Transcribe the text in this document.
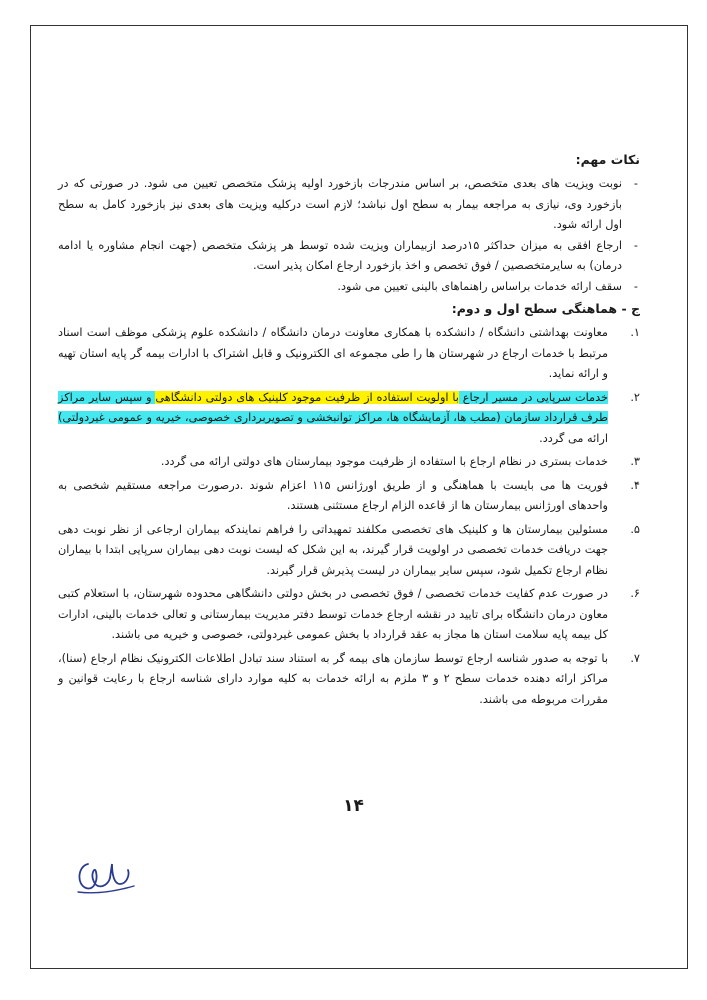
نکات مهم:
- نوبت ویزیت های بعدی متخصص، بر اساس مندرجات بازخورد اولیه پزشک متخصص تعیین می شود. در صورتی که در بازخورد وی، نیازی به مراجعه بیمار به سطح اول نباشد؛ لازم است درکلیه ویزیت های بعدی نیز بازخورد کامل به سطح اول ارائه شود.
- ارجاع افقی به میزان حداکثر ۱۵درصد ازبیماران ویزیت شده توسط هر پزشک متخصص (جهت انجام مشاوره یا ادامه درمان) به سایرمتخصصین / فوق تخصص و اخذ بازخورد ارجاع امکان پذیر است.
- سقف ارائه خدمات براساس راهنماهای بالینی تعیین می شود.
ج - هماهنگی سطح اول و دوم:
۱.
معاونت بهداشتی دانشگاه / دانشکده با همکاری معاونت درمان دانشگاه / دانشکده علوم پزشکی موظف است اسناد مرتبط با خدمات ارجاع در شهرستان ها را طی مجموعه ای الکترونیک و قابل اشتراک با ادارات بیمه گر پایه استان تهیه و ارائه نماید.
۲.
خدمات سرپایی در مسیر ارجاع با اولویت استفاده از ظرفیت موجود کلینیک های دولتی دانشگاهی و سپس سایر مراکز طرف قرارداد سازمان (مطب ها، آزمایشگاه ها، مراکز توانبخشی و تصویربرداری خصوصی، خیریه و عمومی غیردولتی) ارائه می گردد.
۳.
خدمات بستری در نظام ارجاع با استفاده از ظرفیت موجود بیمارستان های دولتی ارائه می گردد.
۴.
فوریت ها می بایست با هماهنگی و از طریق اورژانس ۱۱۵ اعزام شوند .درصورت مراجعه مستقیم شخصی به واحدهای اورژانس بیمارستان ها از قاعده الزام ارجاع مستثنی هستند.
۵.
مسئولین بیمارستان ها و کلینیک های تخصصی مکلفند تمهیداتی را فراهم نمایندکه بیماران ارجاعی از نظر نوبت دهی جهت دریافت خدمات تخصصی در اولویت قرار گیرند، به این شکل که لیست نوبت دهی بیماران سرپایی ابتدا با بیماران نظام ارجاع تکمیل شود، سپس سایر بیماران در لیست پذیرش قرار گیرند.
۶.
در صورت عدم کفایت خدمات تخصصی / فوق تخصصی در بخش دولتی دانشگاهی محدوده شهرستان، با استعلام کتبی معاون درمان دانشگاه برای تایید در نقشه ارجاع خدمات توسط دفتر مدیریت بیمارستانی و تعالی خدمات بالینی، ادارات کل بیمه پایه سلامت استان ها مجاز به عقد قرارداد با بخش عمومی غیردولتی، خصوصی و خیریه می باشند.
۷.
با توجه به صدور شناسه ارجاع توسط سازمان های بیمه گر به استناد سند تبادل اطلاعات الکترونیک نظام ارجاع (سنا)، مراکز ارائه دهنده خدمات سطح ۲ و ۳ ملزم به ارائه خدمات به کلیه موارد دارای شناسه ارجاع با رعایت قوانین و مقررات مربوطه می باشند.
۱۴
